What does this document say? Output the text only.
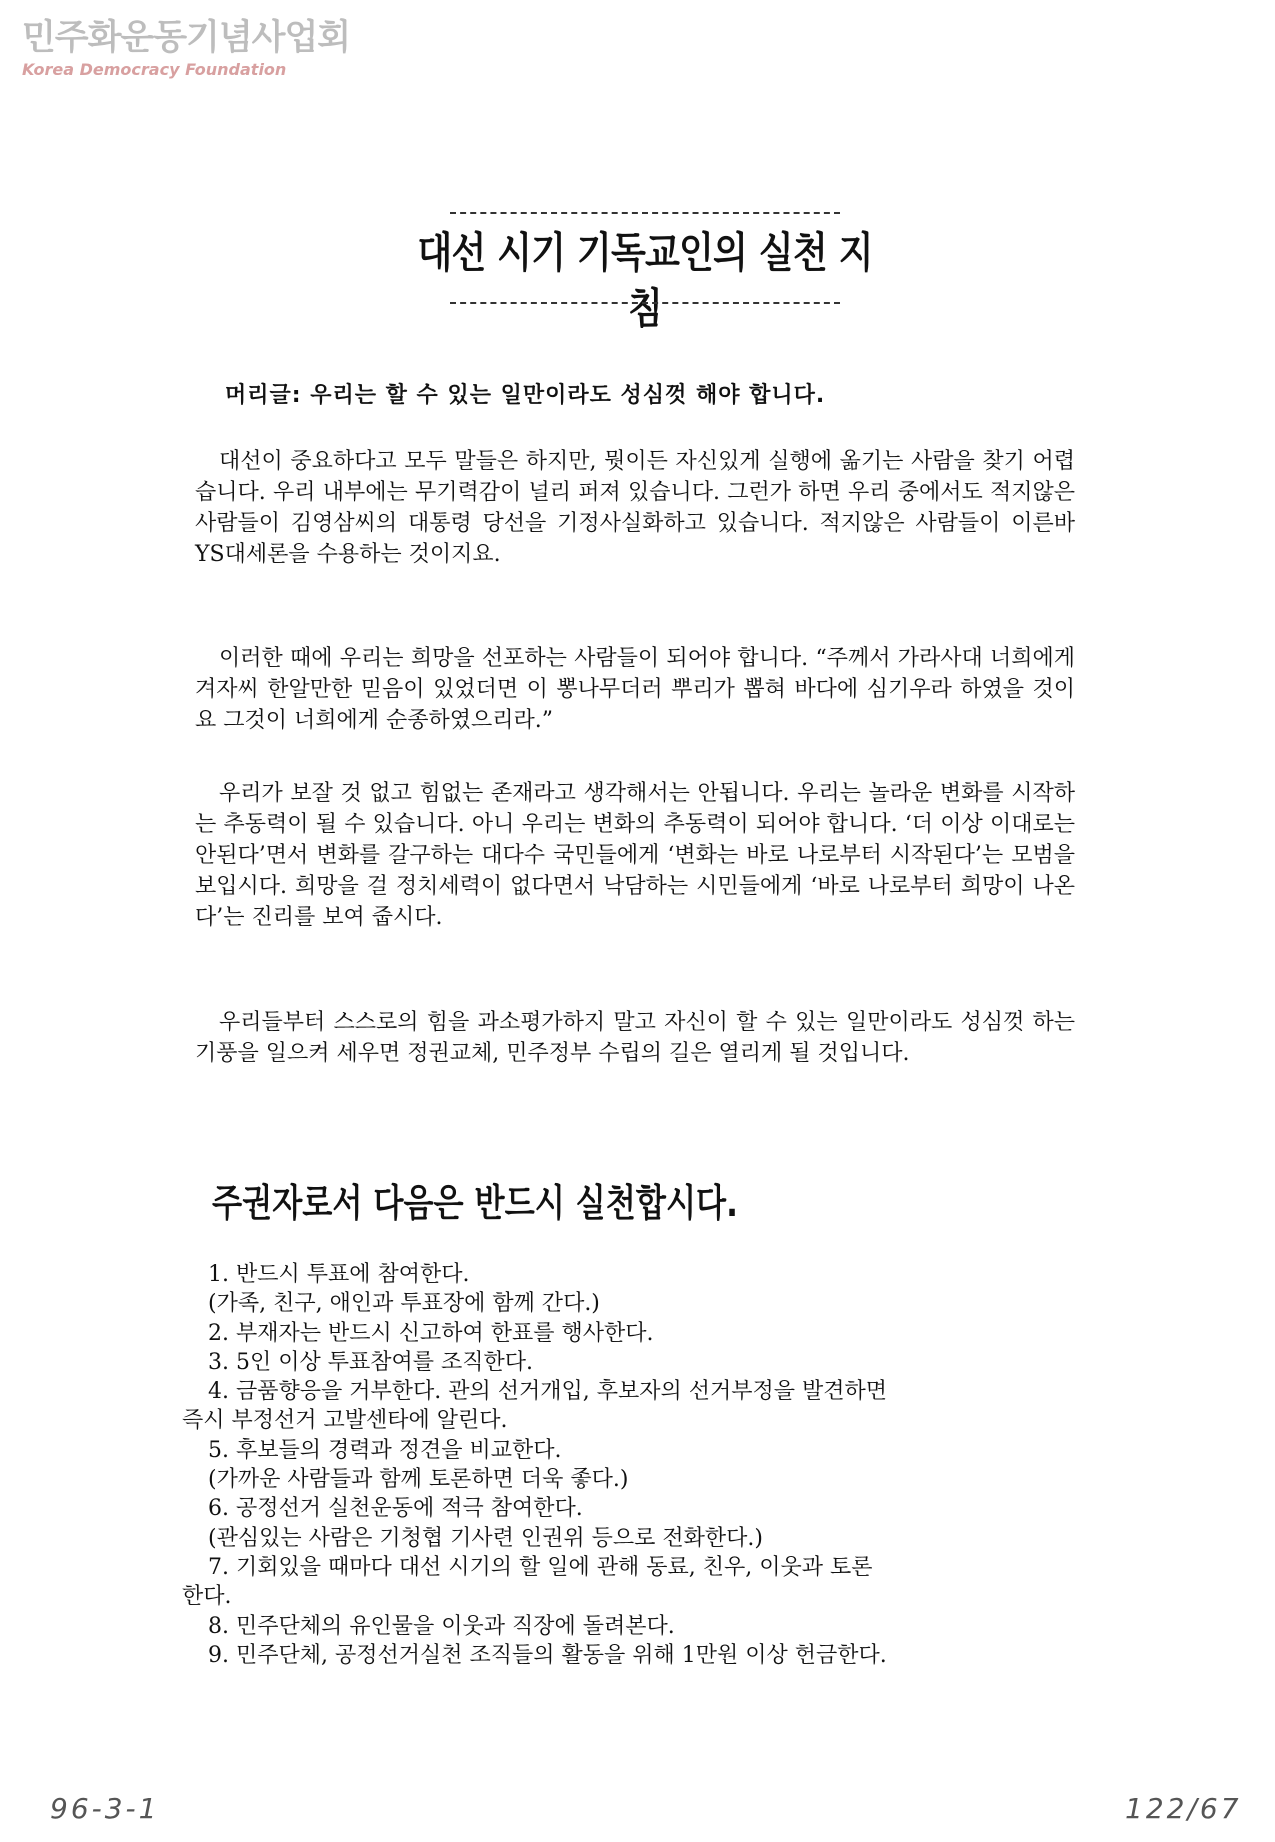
민주화운동기념사업회
Korea Democracy Foundation
대선 시기 기독교인의 실천 지침
머리글: 우리는 할 수 있는 일만이라도 성심껏 해야 합니다.

대선이 중요하다고 모두 말들은 하지만, 뭣이든 자신있게 실행에 옮기는 사람을 찾기 어렵습니다. 우리 내부에는 무기력감이 널리 퍼져 있습니다. 그런가 하면 우리 중에서도 적지않은 사람들이 김영삼씨의 대통령 당선을 기정사실화하고 있습니다. 적지않은 사람들이 이른바 YS대세론을 수용하는 것이지요.

이러한 때에 우리는 희망을 선포하는 사람들이 되어야 합니다. “주께서 가라사대 너희에게 겨자씨 한알만한 믿음이 있었더면 이 뽕나무더러 뿌리가 뽑혀 바다에 심기우라 하였을 것이요 그것이 너희에게 순종하였으리라.”

우리가 보잘 것 없고 힘없는 존재라고 생각해서는 안됩니다. 우리는 놀라운 변화를 시작하는 추동력이 될 수 있습니다. 아니 우리는 변화의 추동력이 되어야 합니다. ‘더 이상 이대로는 안된다’면서 변화를 갈구하는 대다수 국민들에게 ‘변화는 바로 나로부터 시작된다’는 모범을 보입시다. 희망을 걸 정치세력이 없다면서 낙담하는 시민들에게 ‘바로 나로부터 희망이 나온다’는 진리를 보여 줍시다.

우리들부터 스스로의 힘을 과소평가하지 말고 자신이 할 수 있는 일만이라도 성심껏 하는 기풍을 일으켜 세우면 정권교체, 민주정부 수립의 길은 열리게 될 것입니다.

주권자로서 다음은 반드시 실천합시다.
1. 반드시 투표에 참여한다.
(가족, 친구, 애인과 투표장에 함께 간다.)
2. 부재자는 반드시 신고하여 한표를 행사한다.
3. 5인 이상 투표참여를 조직한다.
4. 금품향응을 거부한다. 관의 선거개입, 후보자의 선거부정을 발견하면
즉시 부정선거 고발센타에 알린다.
5. 후보들의 경력과 정견을 비교한다.
(가까운 사람들과 함께 토론하면 더욱 좋다.)
6. 공정선거 실천운동에 적극 참여한다.
(관심있는 사람은 기청협 기사련 인권위 등으로 전화한다.)
7. 기회있을 때마다 대선 시기의 할 일에 관해 동료, 친우, 이웃과 토론
한다.
8. 민주단체의 유인물을 이웃과 직장에 돌려본다.
9. 민주단체, 공정선거실천 조직들의 활동을 위해 1만원 이상 헌금한다.
96-3-1	122/67
